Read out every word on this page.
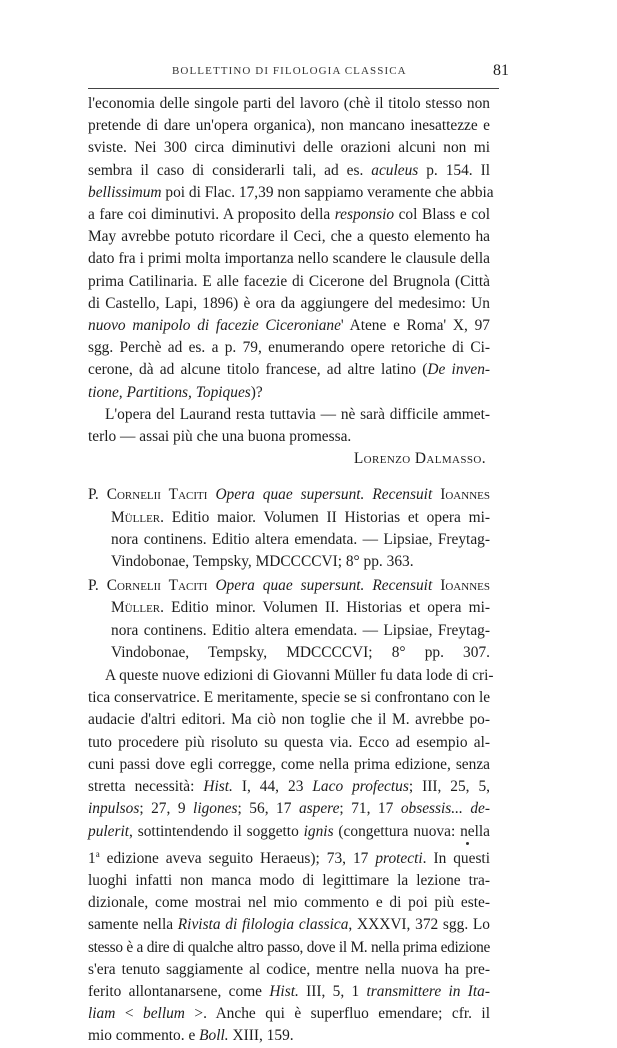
BOLLETTINO DI FILOLOGIA CLASSICA	81
l'economia delle singole parti del lavoro (chè il titolo stesso non
pretende di dare un'opera organica), non mancano inesattezze e
sviste. Nei 300 circa diminutivi delle orazioni alcuni non mi
sembra il caso di considerarli tali, ad es. aculeus p. 154. Il
bellissimum poi di Flac. 17,39 non sappiamo veramente che abbia
a fare coi diminutivi. A proposito della responsio col Blass e col
May avrebbe potuto ricordare il Ceci, che a questo elemento ha
dato fra i primi molta importanza nello scandere le clausule della
prima Catilinaria. E alle facezie di Cicerone del Brugnola (Città
di Castello, Lapi, 1896) è ora da aggiungere del medesimo: Un
nuovo manipolo di facezie Ciceroniane' Atene e Roma' X, 97
sgg. Perchè ad es. a p. 79, enumerando opere retoriche di Ci-
cerone, dà ad alcune titolo francese, ad altre latino (De inven-
tione, Partitions, Topiques)?
L'opera del Laurand resta tuttavia — nè sarà difficile ammet-
terlo — assai più che una buona promessa.
Lorenzo Dalmasso.
P. Cornelii Taciti Opera quae supersunt. Recensuit Ioannes
Müller. Editio maior. Volumen II Historias et opera mi-
nora continens. Editio altera emendata. — Lipsiae, Freytag-
Vindobonae, Tempsky, MDCCCCVI; 8° pp. 363.
P. Cornelii Taciti Opera quae supersunt. Recensuit Ioannes
Müller. Editio minor. Volumen II. Historias et opera mi-
nora continens. Editio altera emendata. — Lipsiae, Freytag-
Vindobonae, Tempsky, MDCCCCVI; 8° pp. 307.
A queste nuove edizioni di Giovanni Müller fu data lode di cri-
tica conservatrice. E meritamente, specie se si confrontano con le
audacie d'altri editori. Ma ciò non toglie che il M. avrebbe po-
tuto procedere più risoluto su questa via. Ecco ad esempio al-
cuni passi dove egli corregge, come nella prima edizione, senza
stretta necessità: Hist. I, 44, 23 Laco profectus; III, 25, 5,
inpulsos; 27, 9 ligones; 56, 17 aspere; 71, 17 obsessis... de-
pulerit, sottintendendo il soggetto ignis (congettura nuova: nella
1$^a$ edizione aveva seguito Heraeus); 73, 17 protecti. In questi
luoghi infatti non manca modo di legittimare la lezione tra-
dizionale, come mostrai nel mio commento e di poi più este-
samente nella Rivista di filologia classica, XXXVI, 372 sgg. Lo
stesso è a dire di qualche altro passo, dove il M. nella prima edizione
s'era tenuto saggiamente al codice, mentre nella nuova ha pre-
ferito allontanarsene, come Hist. III, 5, 1 transmittere in Ita-
liam < bellum >. Anche qui è superfluo emendare; cfr. il
mio commento. e Boll. XIII, 159.
